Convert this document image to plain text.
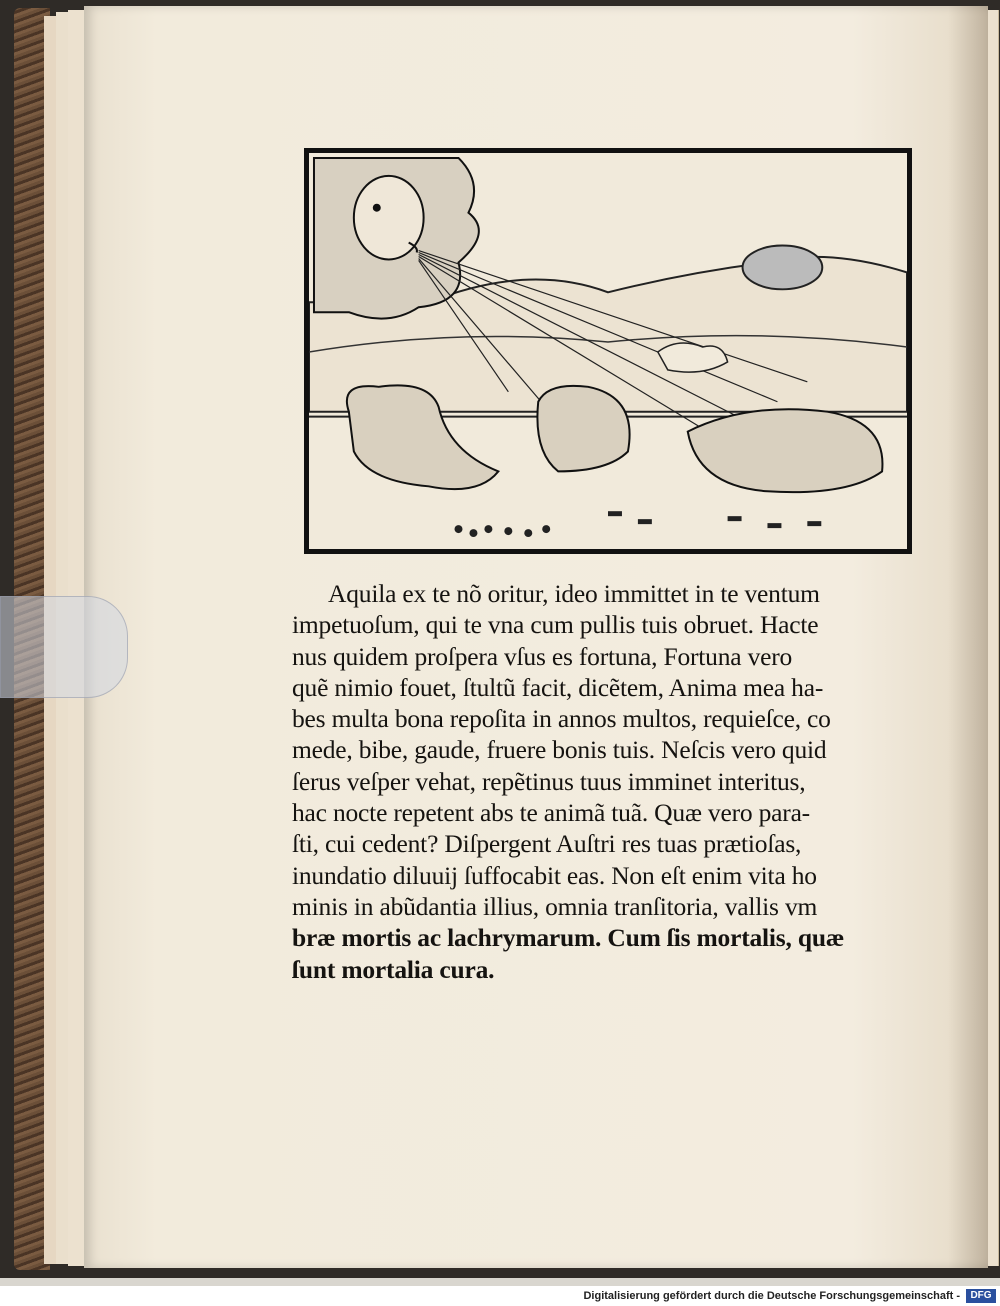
Aquila ex te nõ oritur, ideo immittet in te ventum
impetuoſum, qui te vna cum pullis tuis obruet. Hacte
nus quidem proſpera vſus es fortuna, Fortuna vero
quẽ nimio fouet, ſtultũ facit, dicẽtem, Anima mea ha-
bes multa bona repoſita in annos multos, requieſce, co
mede, bibe, gaude, fruere bonis tuis. Neſcis vero quid
ſerus veſper vehat, repẽtinus tuus imminet interitus,
hac nocte repetent abs te animã tuã. Quæ vero para-
ſti, cui cedent? Diſpergent Auſtri res tuas prætioſas,
inundatio diluuij ſuffocabit eas. Non eſt enim vita ho
minis in abũdantia illius, omnia tranſitoria, vallis vm
bræ mortis ac lachrymarum. Cum ſis mortalis, quæ
ſunt mortalia cura.
Digitalisierung gefördert durch die Deutsche Forschungsgemeinschaft -	DFG
